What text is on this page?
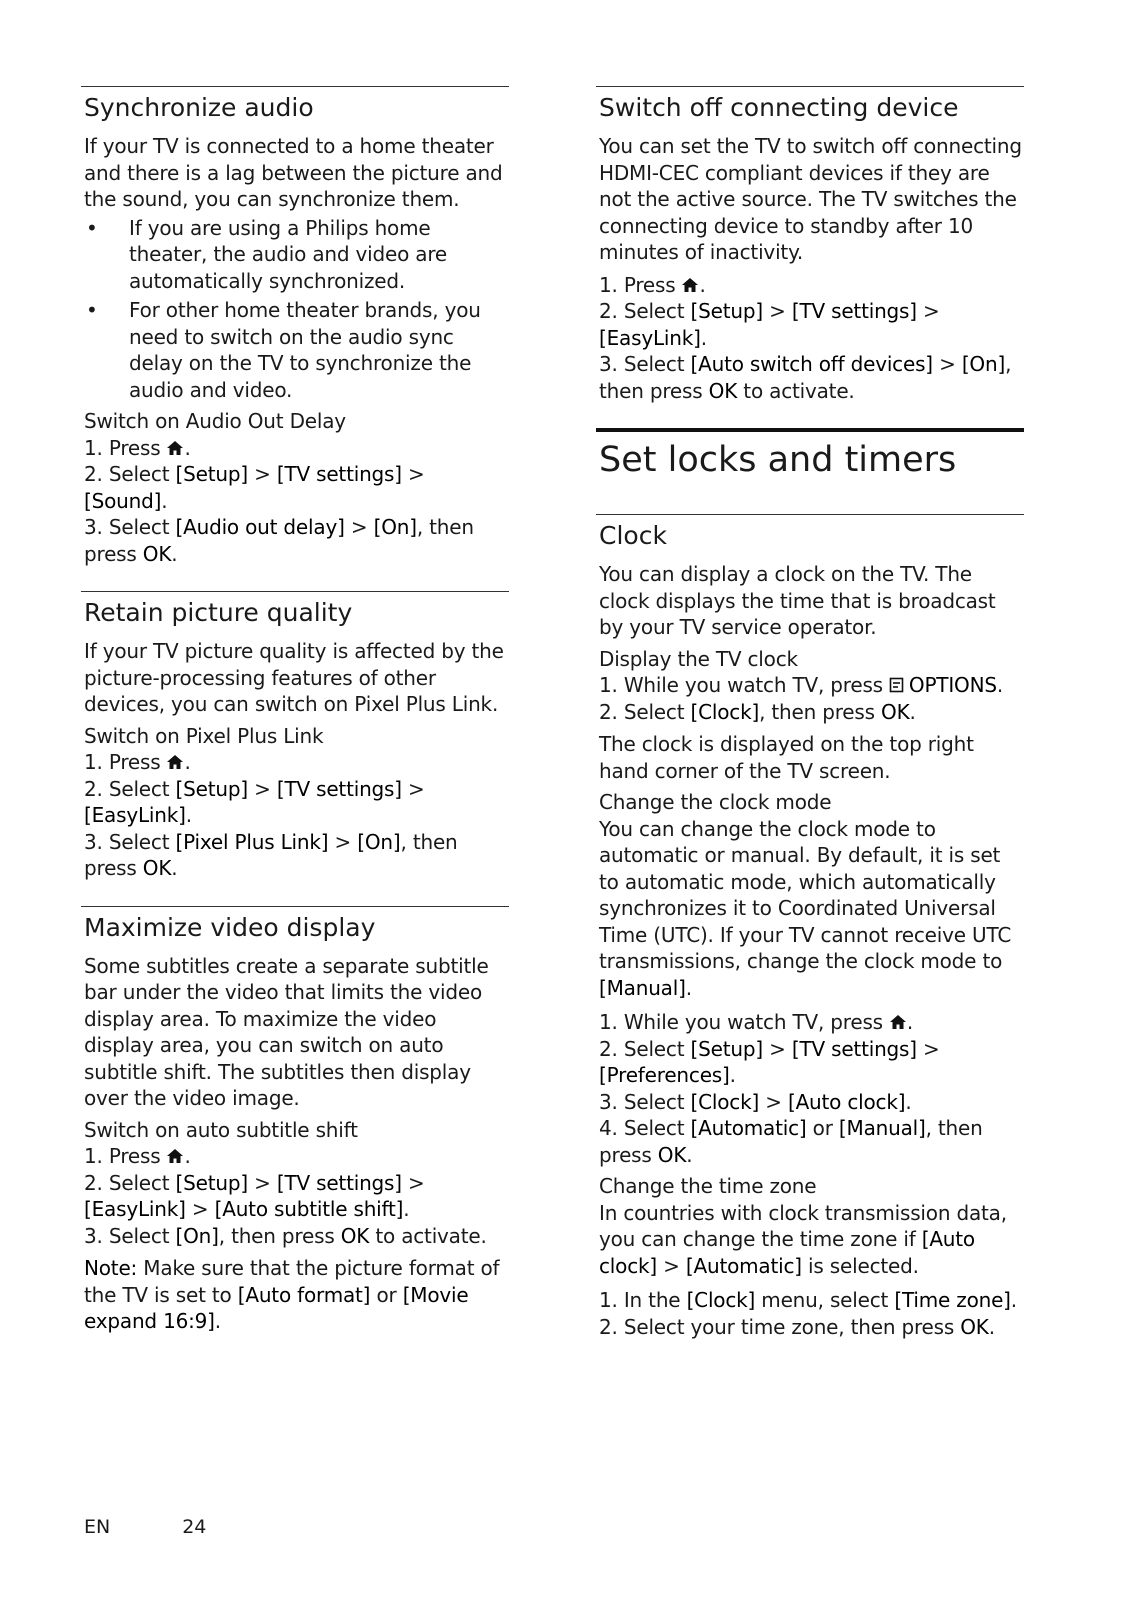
Synchronize audio

If your TV is connected to a home theater and there is a lag between the picture and the sound, you can synchronize them.

• If you are using a Philips home theater, the audio and video are automatically synchronized.
• For other home theater brands, you need to switch on the audio sync delay on the TV to synchronize the audio and video.
Switch on Audio Out Delay
1. Press .
2. Select [Setup] > [TV settings] > [Sound].
3. Select [Audio out delay] > [On], then press OK.
Retain picture quality

If your TV picture quality is affected by the picture-processing features of other devices, you can switch on Pixel Plus Link.

Switch on Pixel Plus Link
1. Press .
2. Select [Setup] > [TV settings] > [EasyLink].
3. Select [Pixel Plus Link] > [On], then press OK.
Maximize video display

Some subtitles create a separate subtitle bar under the video that limits the video display area. To maximize the video display area, you can switch on auto subtitle shift. The subtitles then display over the video image.

Switch on auto subtitle shift
1. Press .
2. Select [Setup] > [TV settings] > [EasyLink] > [Auto subtitle shift].
3. Select [On], then press OK to activate.

Note: Make sure that the picture format of the TV is set to [Auto format] or [Movie expand 16:9].

Switch off connecting device

You can set the TV to switch off connecting HDMI-CEC compliant devices if they are not the active source. The TV switches the connecting device to standby after 10 minutes of inactivity.

1. Press .
2. Select [Setup] > [TV settings] > [EasyLink].
3. Select [Auto switch off devices] > [On], then press OK to activate.
Set locks and timers
Clock

You can display a clock on the TV. The clock displays the time that is broadcast by your TV service operator.

Display the TV clock
1. While you watch TV, press OPTIONS.
2. Select [Clock], then press OK.

The clock is displayed on the top right hand corner of the TV screen.

Change the clock mode

You can change the clock mode to automatic or manual. By default, it is set to automatic mode, which automatically synchronizes it to Coordinated Universal Time (UTC). If your TV cannot receive UTC transmissions, change the clock mode to [Manual].

1. While you watch TV, press .
2. Select [Setup] > [TV settings] > [Preferences].
3. Select [Clock] > [Auto clock].
4. Select [Automatic] or [Manual], then press OK.
Change the time zone

In countries with clock transmission data, you can change the time zone if [Auto clock] > [Automatic] is selected.

1. In the [Clock] menu, select [Time zone].
2. Select your time zone, then press OK.
EN	24
